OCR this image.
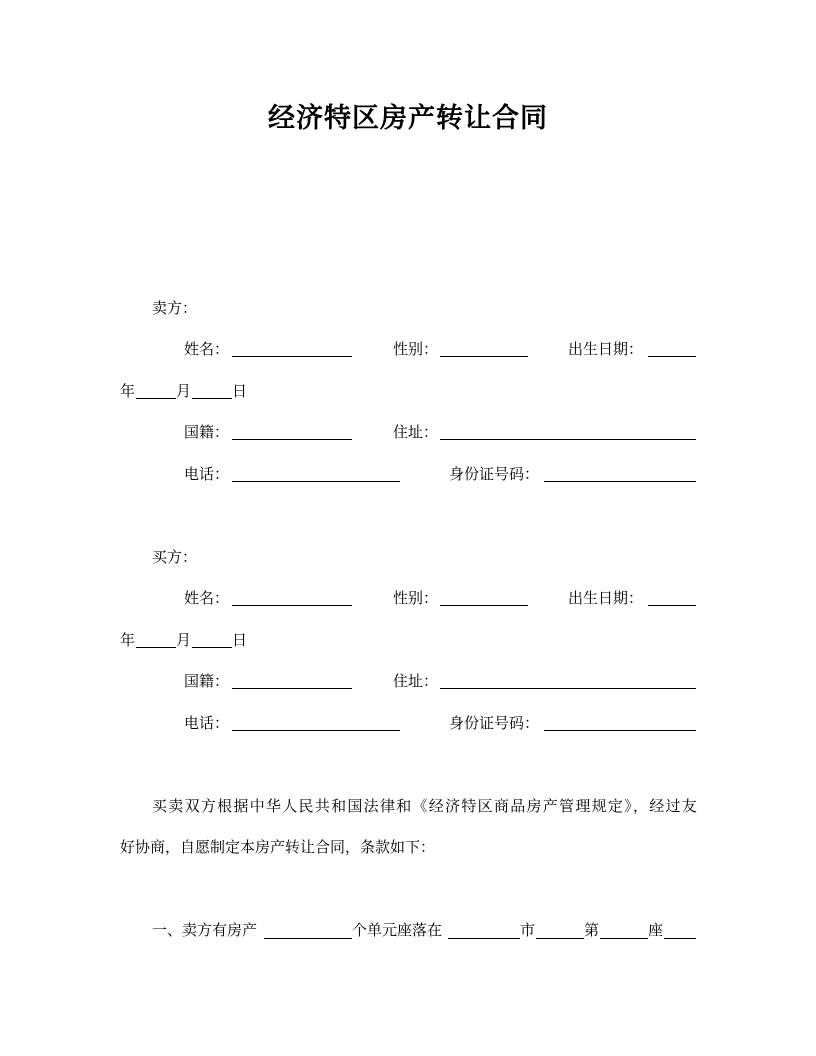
经济特区房产转让合同
卖方：
姓名：	性别：	出生日期：
年	月	日
国籍：	住址：
电话：	身份证号码：
买方：
姓名：	性别：	出生日期：
年	月	日
国籍：	住址：
电话：	身份证号码：
买卖双方根据中华人民共和国法律和《经济特区商品房产管理规定》，经过友
好协商，自愿制定本房产转让合同，条款如下：
一、卖方有房产	个单元座落在	市	第	座
